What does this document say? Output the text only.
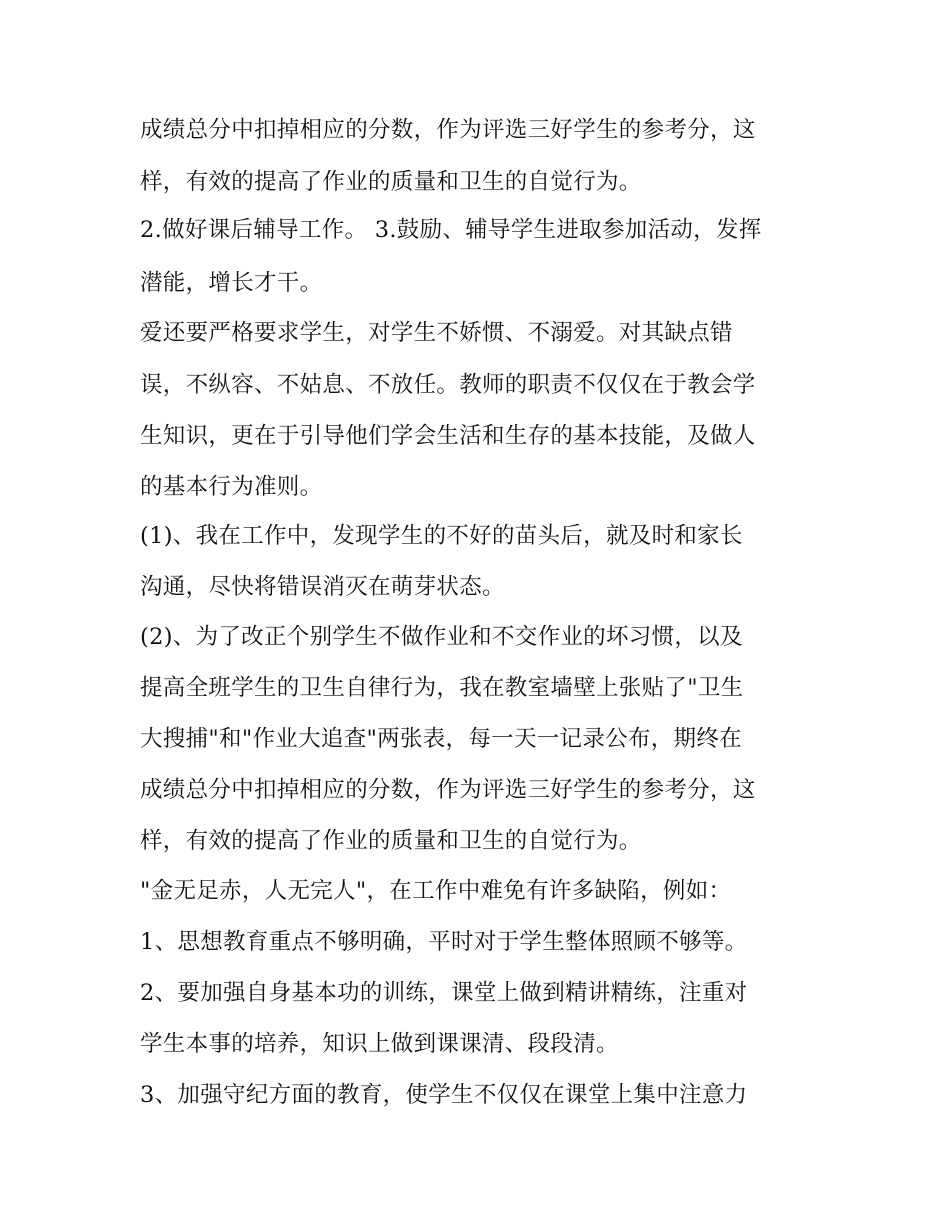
成绩总分中扣掉相应的分数，作为评选三好学生的参考分，这
样，有效的提高了作业的质量和卫生的自觉行为。
2.做好课后辅导工作。 3.鼓励、辅导学生进取参加活动，发挥
潜能，增长才干。
爱还要严格要求学生，对学生不娇惯、不溺爱。对其缺点错
误，不纵容、不姑息、不放任。教师的职责不仅仅在于教会学
生知识，更在于引导他们学会生活和生存的基本技能，及做人
的基本行为准则。
(1)、我在工作中，发现学生的不好的苗头后，就及时和家长
沟通，尽快将错误消灭在萌芽状态。
(2)、为了改正个别学生不做作业和不交作业的坏习惯，以及
提高全班学生的卫生自律行为，我在教室墙壁上张贴了"卫生
大搜捕"和"作业大追查"两张表，每一天一记录公布，期终在
成绩总分中扣掉相应的分数，作为评选三好学生的参考分，这
样，有效的提高了作业的质量和卫生的自觉行为。
"金无足赤，人无完人"，在工作中难免有许多缺陷，例如：
1、思想教育重点不够明确，平时对于学生整体照顾不够等。
2、要加强自身基本功的训练，课堂上做到精讲精练，注重对
学生本事的培养，知识上做到课课清、段段清。
3、加强守纪方面的教育，使学生不仅仅在课堂上集中注意力
